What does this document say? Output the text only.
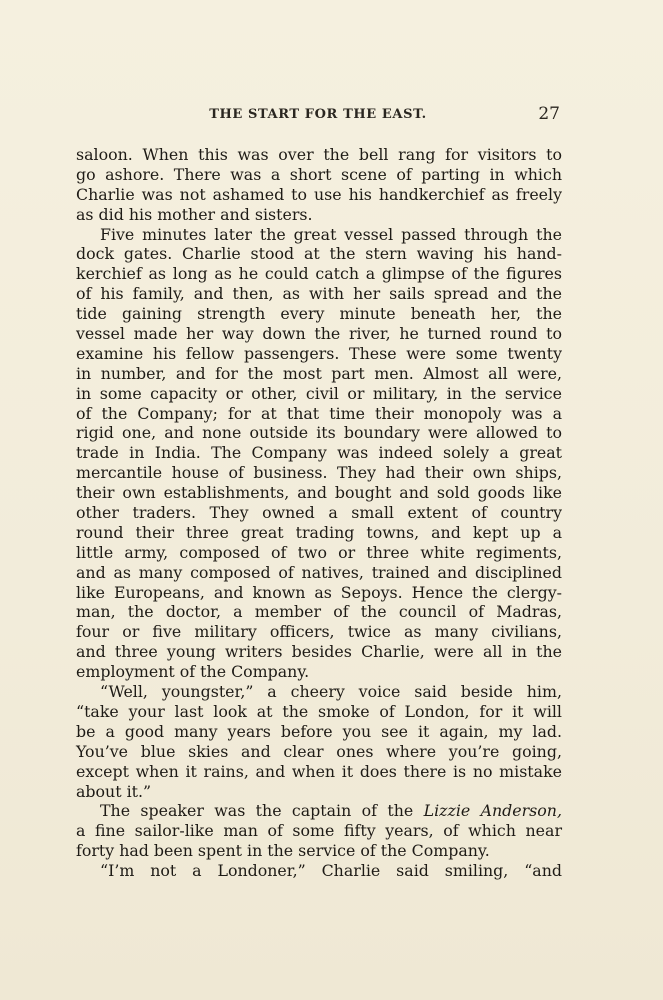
THE START FOR THE EAST.	27
saloon. When this was over the bell rang for visitors to
go ashore. There was a short scene of parting in which
Charlie was not ashamed to use his handkerchief as freely
as did his mother and sisters.
Five minutes later the great vessel passed through the
dock gates. Charlie stood at the stern waving his hand-
kerchief as long as he could catch a glimpse of the figures
of his family, and then, as with her sails spread and the
tide gaining strength every minute beneath her, the
vessel made her way down the river, he turned round to
examine his fellow passengers. These were some twenty
in number, and for the most part men. Almost all were,
in some capacity or other, civil or military, in the service
of the Company; for at that time their monopoly was a
rigid one, and none outside its boundary were allowed to
trade in India. The Company was indeed solely a great
mercantile house of business. They had their own ships,
their own establishments, and bought and sold goods like
other traders. They owned a small extent of country
round their three great trading towns, and kept up a
little army, composed of two or three white regiments,
and as many composed of natives, trained and disciplined
like Europeans, and known as Sepoys. Hence the clergy-
man, the doctor, a member of the council of Madras,
four or five military officers, twice as many civilians,
and three young writers besides Charlie, were all in the
employment of the Company.
“Well, youngster,” a cheery voice said beside him,
“take your last look at the smoke of London, for it will
be a good many years before you see it again, my lad.
You’ve blue skies and clear ones where you’re going,
except when it rains, and when it does there is no mistake
about it.”
The speaker was the captain of the Lizzie Anderson,
a fine sailor-like man of some fifty years, of which near
forty had been spent in the service of the Company.
“I’m not a Londoner,” Charlie said smiling, “and
